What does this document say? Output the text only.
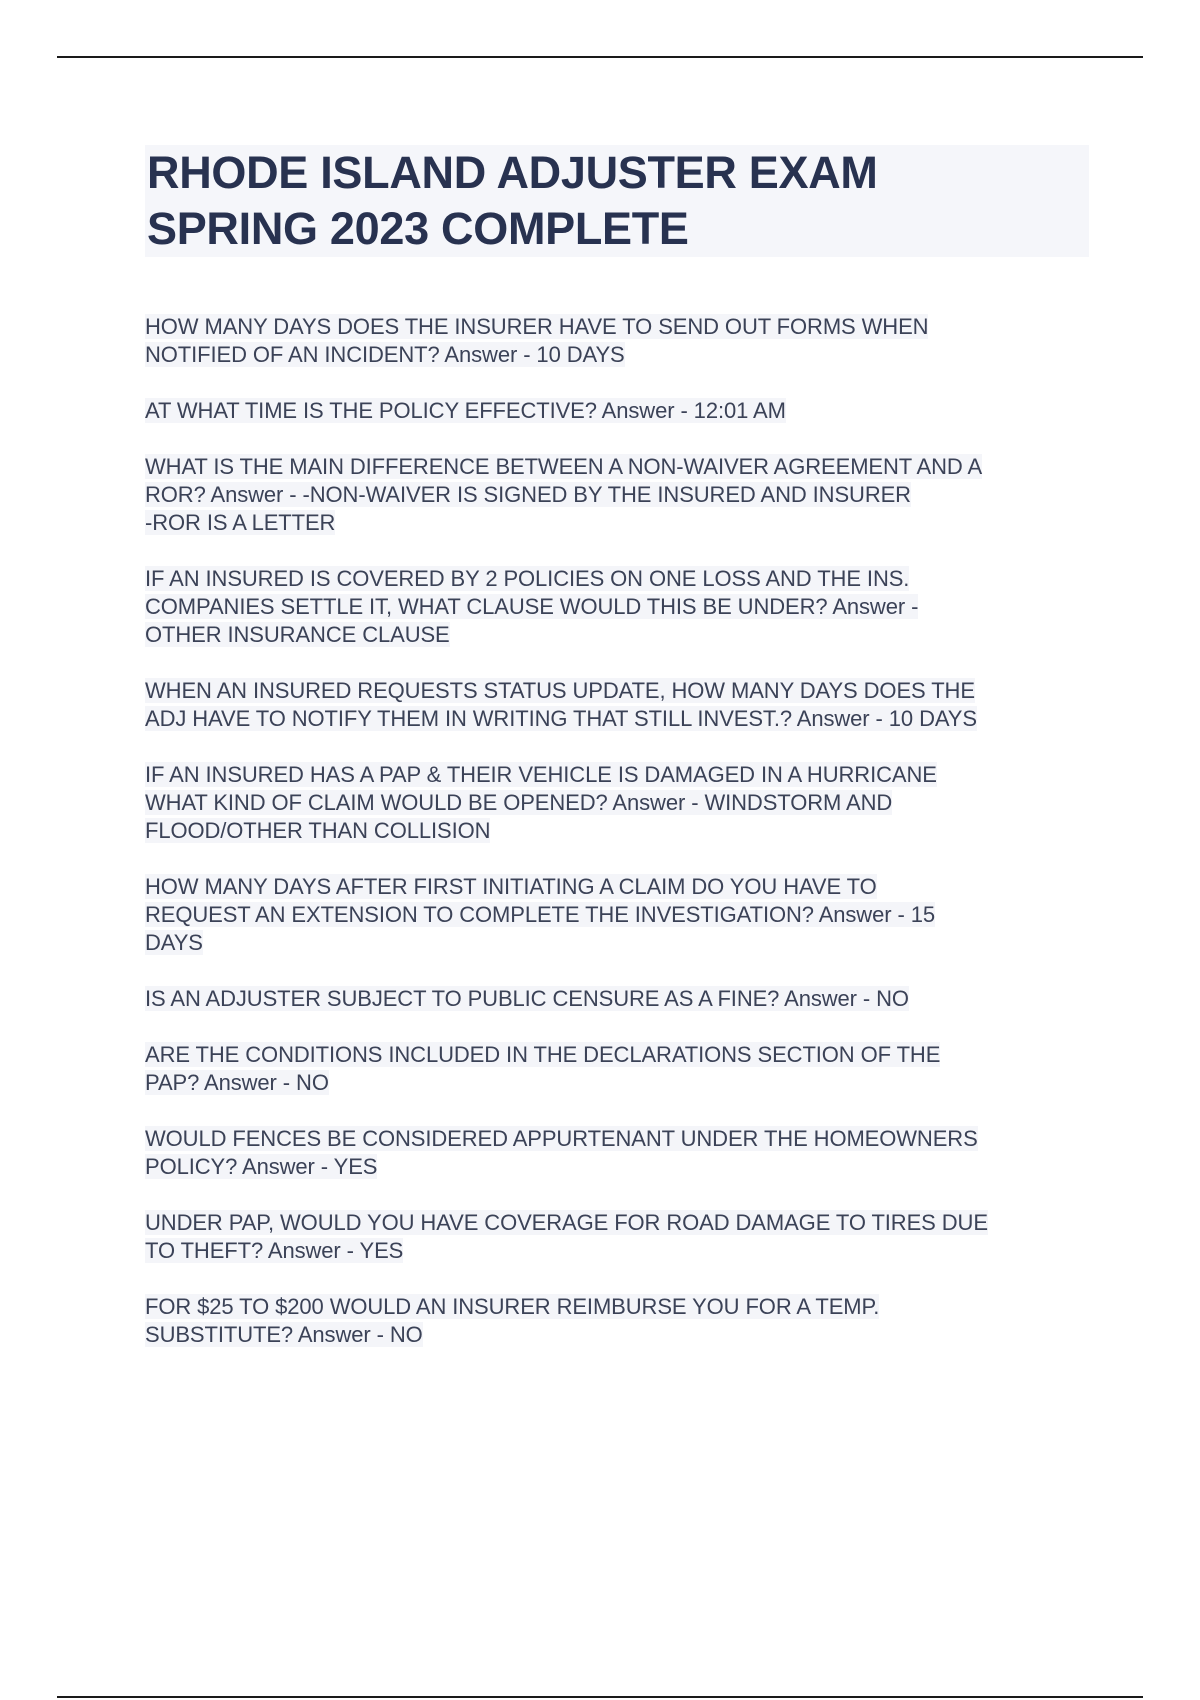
RHODE ISLAND ADJUSTER EXAM
SPRING 2023 COMPLETE

HOW MANY DAYS DOES THE INSURER HAVE TO SEND OUT FORMS WHEN
NOTIFIED OF AN INCIDENT? Answer - 10 DAYS

AT WHAT TIME IS THE POLICY EFFECTIVE? Answer - 12:01 AM

WHAT IS THE MAIN DIFFERENCE BETWEEN A NON-WAIVER AGREEMENT AND A
ROR? Answer - -NON-WAIVER IS SIGNED BY THE INSURED AND INSURER
-ROR IS A LETTER

IF AN INSURED IS COVERED BY 2 POLICIES ON ONE LOSS AND THE INS.
COMPANIES SETTLE IT, WHAT CLAUSE WOULD THIS BE UNDER? Answer -
OTHER INSURANCE CLAUSE

WHEN AN INSURED REQUESTS STATUS UPDATE, HOW MANY DAYS DOES THE
ADJ HAVE TO NOTIFY THEM IN WRITING THAT STILL INVEST.? Answer - 10 DAYS

IF AN INSURED HAS A PAP & THEIR VEHICLE IS DAMAGED IN A HURRICANE
WHAT KIND OF CLAIM WOULD BE OPENED? Answer - WINDSTORM AND
FLOOD/OTHER THAN COLLISION

HOW MANY DAYS AFTER FIRST INITIATING A CLAIM DO YOU HAVE TO
REQUEST AN EXTENSION TO COMPLETE THE INVESTIGATION? Answer - 15
DAYS

IS AN ADJUSTER SUBJECT TO PUBLIC CENSURE AS A FINE? Answer - NO

ARE THE CONDITIONS INCLUDED IN THE DECLARATIONS SECTION OF THE
PAP? Answer - NO

WOULD FENCES BE CONSIDERED APPURTENANT UNDER THE HOMEOWNERS
POLICY? Answer - YES

UNDER PAP, WOULD YOU HAVE COVERAGE FOR ROAD DAMAGE TO TIRES DUE
TO THEFT? Answer - YES

FOR $25 TO $200 WOULD AN INSURER REIMBURSE YOU FOR A TEMP.
SUBSTITUTE? Answer - NO
